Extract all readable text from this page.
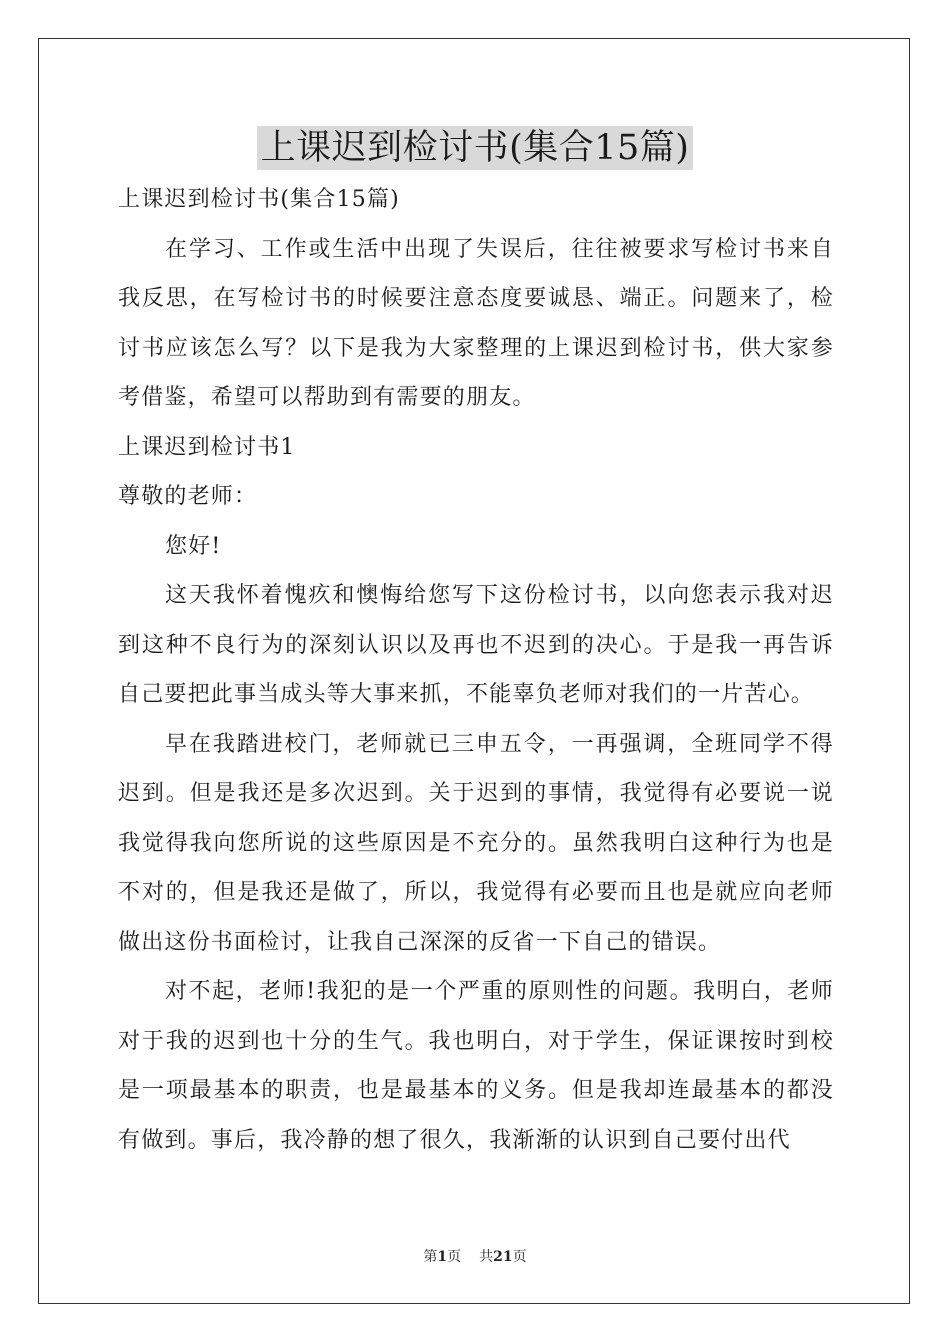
上课迟到检讨书(集合15篇)

上课迟到检讨书(集合15篇)

在学习、工作或生活中出现了失误后，往往被要求写检讨书来自我反思，在写检讨书的时候要注意态度要诚恳、端正。问题来了，检讨书应该怎么写？以下是我为大家整理的上课迟到检讨书，供大家参考借鉴，希望可以帮助到有需要的朋友。

上课迟到检讨书1

尊敬的老师：

您好!

这天我怀着愧疚和懊悔给您写下这份检讨书，以向您表示我对迟到这种不良行为的深刻认识以及再也不迟到的决心。于是我一再告诉自己要把此事当成头等大事来抓，不能辜负老师对我们的一片苦心。

早在我踏进校门，老师就已三申五令，一再强调，全班同学不得迟到。但是我还是多次迟到。关于迟到的事情，我觉得有必要说一说我觉得我向您所说的这些原因是不充分的。虽然我明白这种行为也是不对的，但是我还是做了，所以，我觉得有必要而且也是就应向老师做出这份书面检讨，让我自己深深的反省一下自己的错误。

对不起，老师!我犯的是一个严重的原则性的问题。我明白，老师对于我的迟到也十分的生气。我也明白，对于学生，保证课按时到校是一项最基本的职责，也是最基本的义务。但是我却连最基本的都没有做到。事后，我冷静的想了很久，我渐渐的认识到自己要付出代

第1页 共21页
